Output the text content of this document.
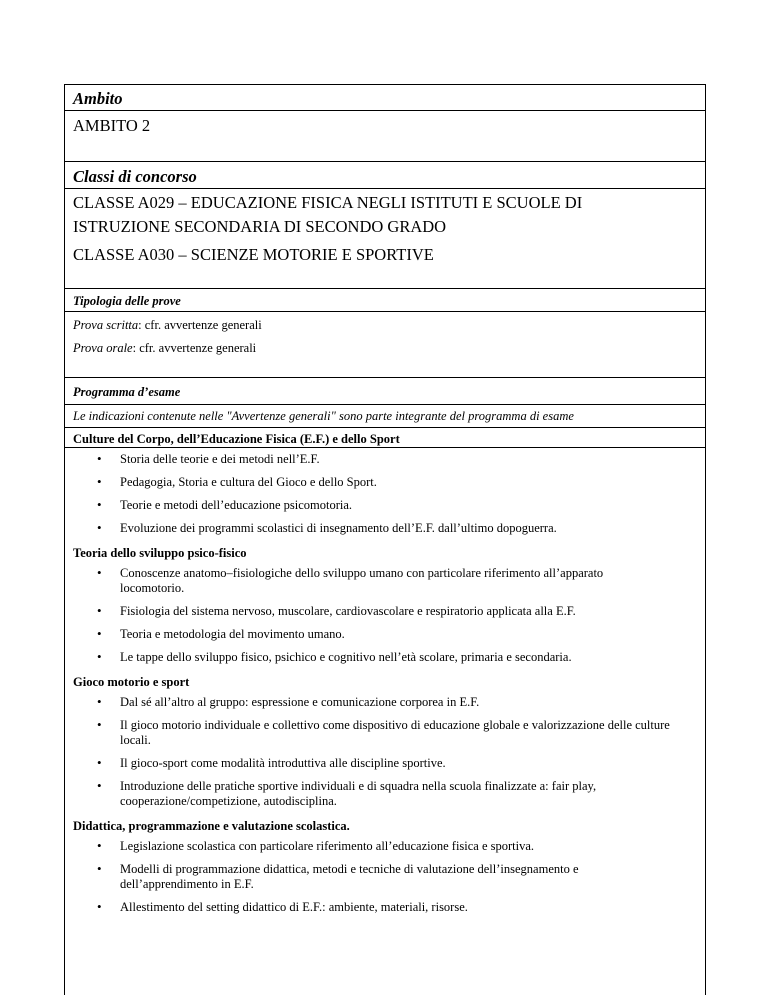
Ambito
AMBITO 2
Classi di concorso
CLASSE A029 – EDUCAZIONE FISICA NEGLI ISTITUTI E SCUOLE DI ISTRUZIONE SECONDARIA DI SECONDO GRADO
CLASSE A030 – SCIENZE MOTORIE E SPORTIVE
Tipologia delle prove
Prova scritta: cfr. avvertenze generali
Prova orale: cfr. avvertenze generali
Programma d’esame
Le indicazioni contenute nelle "Avvertenze generali" sono parte integrante del programma di esame
Culture del Corpo, dell’Educazione Fisica (E.F.) e dello Sport
• Storia delle teorie e dei metodi nell’E.F.
• Pedagogia, Storia e cultura del Gioco e dello Sport.
• Teorie e metodi dell’educazione psicomotoria.
• Evoluzione dei programmi scolastici di insegnamento dell’E.F. dall’ultimo dopoguerra.
Teoria dello sviluppo psico-fisico
• Conoscenze anatomo–fisiologiche dello sviluppo umano con particolare riferimento all’apparato locomotorio.
• Fisiologia del sistema nervoso, muscolare, cardiovascolare e respiratorio applicata alla E.F.
• Teoria e metodologia del movimento umano.
• Le tappe dello sviluppo fisico, psichico e cognitivo nell’età scolare, primaria e secondaria.
Gioco motorio e sport
• Dal sé all’altro al gruppo: espressione e comunicazione corporea in E.F.
• Il gioco motorio individuale e collettivo come dispositivo di educazione globale e valorizzazione delle culture locali.
• Il gioco-sport come modalità introduttiva alle discipline sportive.
• Introduzione delle pratiche sportive individuali e di squadra nella scuola finalizzate a: fair play, cooperazione/competizione, autodisciplina.
Didattica, programmazione e valutazione scolastica.
• Legislazione scolastica con particolare riferimento all’educazione fisica e sportiva.
• Modelli di programmazione didattica, metodi e tecniche di valutazione dell’insegnamento e dell’apprendimento in E.F.
• Allestimento del setting didattico di E.F.: ambiente, materiali, risorse.
